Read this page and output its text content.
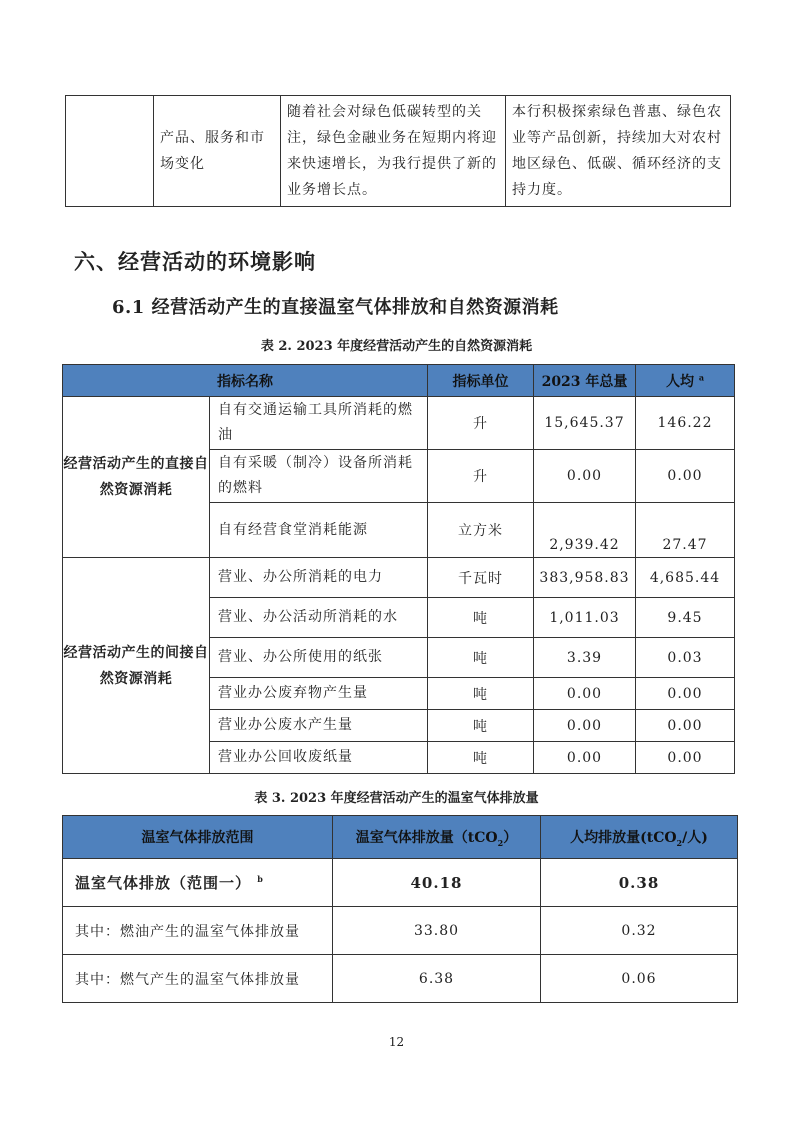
	产品、服务和市场变化	随着社会对绿色低碳转型的关注，绿色金融业务在短期内将迎来快速增长，为我行提供了新的业务增长点。	本行积极探索绿色普惠、绿色农业等产品创新，持续加大对农村地区绿色、低碳、循环经济的支持力度。
六、经营活动的环境影响
6.1 经营活动产生的直接温室气体排放和自然资源消耗
表 2. 2023 年度经营活动产生的自然资源消耗
指标名称		指标单位	2023 年总量	人均 $^a$
经营活动产生的直接自然资源消耗	自有交通运输工具所消耗的燃油	升	15,645.37	146.22
	自有采暖（制冷）设备所消耗的燃料	升	0.00	0.00
	自有经营食堂消耗能源	立方米	2,939.42	27.47
经营活动产生的间接自然资源消耗	营业、办公所消耗的电力	千瓦时	383,958.83	4,685.44
	营业、办公活动所消耗的水	吨	1,011.03	9.45
	营业、办公所使用的纸张	吨	3.39	0.03
	营业办公废弃物产生量	吨	0.00	0.00
	营业办公废水产生量	吨	0.00	0.00
	营业办公回收废纸量	吨	0.00	0.00
表 3. 2023 年度经营活动产生的温室气体排放量
温室气体排放范围	温室气体排放量（tCO$_2$）	人均排放量(tCO$_2$/人)
温室气体排放（范围一） $^b$	40.18	0.38
其中：燃油产生的温室气体排放量	33.80	0.32
其中：燃气产生的温室气体排放量	6.38	0.06
12
